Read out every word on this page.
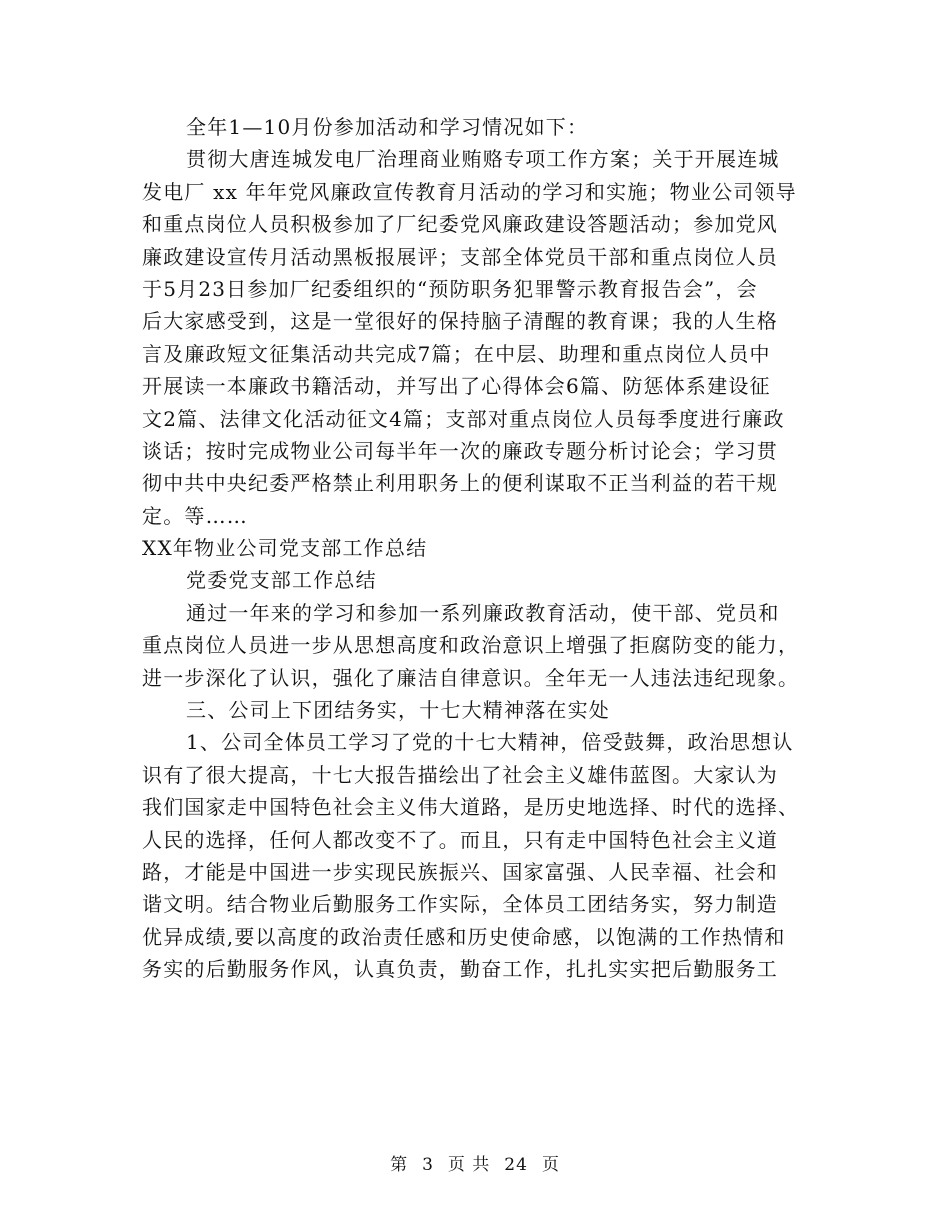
全年1—10月份参加活动和学习情况如下：
贯彻大唐连城发电厂治理商业贿赂专项工作方案；关于开展连城
发电厂 xx 年年党风廉政宣传教育月活动的学习和实施；物业公司领导
和重点岗位人员积极参加了厂纪委党风廉政建设答题活动；参加党风
廉政建设宣传月活动黑板报展评；支部全体党员干部和重点岗位人员
于5月23日参加厂纪委组织的“预防职务犯罪警示教育报告会”，会
后大家感受到，这是一堂很好的保持脑子清醒的教育课；我的人生格
言及廉政短文征集活动共完成7篇；在中层、助理和重点岗位人员中
开展读一本廉政书籍活动，并写出了心得体会6篇、防惩体系建设征
文2篇、法律文化活动征文4篇；支部对重点岗位人员每季度进行廉政
谈话；按时完成物业公司每半年一次的廉政专题分析讨论会；学习贯
彻中共中央纪委严格禁止利用职务上的便利谋取不正当利益的若干规
定。等……
XX年物业公司党支部工作总结
党委党支部工作总结
通过一年来的学习和参加一系列廉政教育活动，使干部、党员和
重点岗位人员进一步从思想高度和政治意识上增强了拒腐防变的能力，
进一步深化了认识，强化了廉洁自律意识。全年无一人违法违纪现象。
三、公司上下团结务实，十七大精神落在实处
1、公司全体员工学习了党的十七大精神，倍受鼓舞，政治思想认
识有了很大提高，十七大报告描绘出了社会主义雄伟蓝图。大家认为
我们国家走中国特色社会主义伟大道路，是历史地选择、时代的选择、
人民的选择，任何人都改变不了。而且，只有走中国特色社会主义道
路，才能是中国进一步实现民族振兴、国家富强、人民幸福、社会和
谐文明。结合物业后勤服务工作实际，全体员工团结务实，努力制造
优异成绩,要以高度的政治责任感和历史使命感，以饱满的工作热情和
务实的后勤服务作风，认真负责，勤奋工作，扎扎实实把后勤服务工
第 3 页 共 24 页
